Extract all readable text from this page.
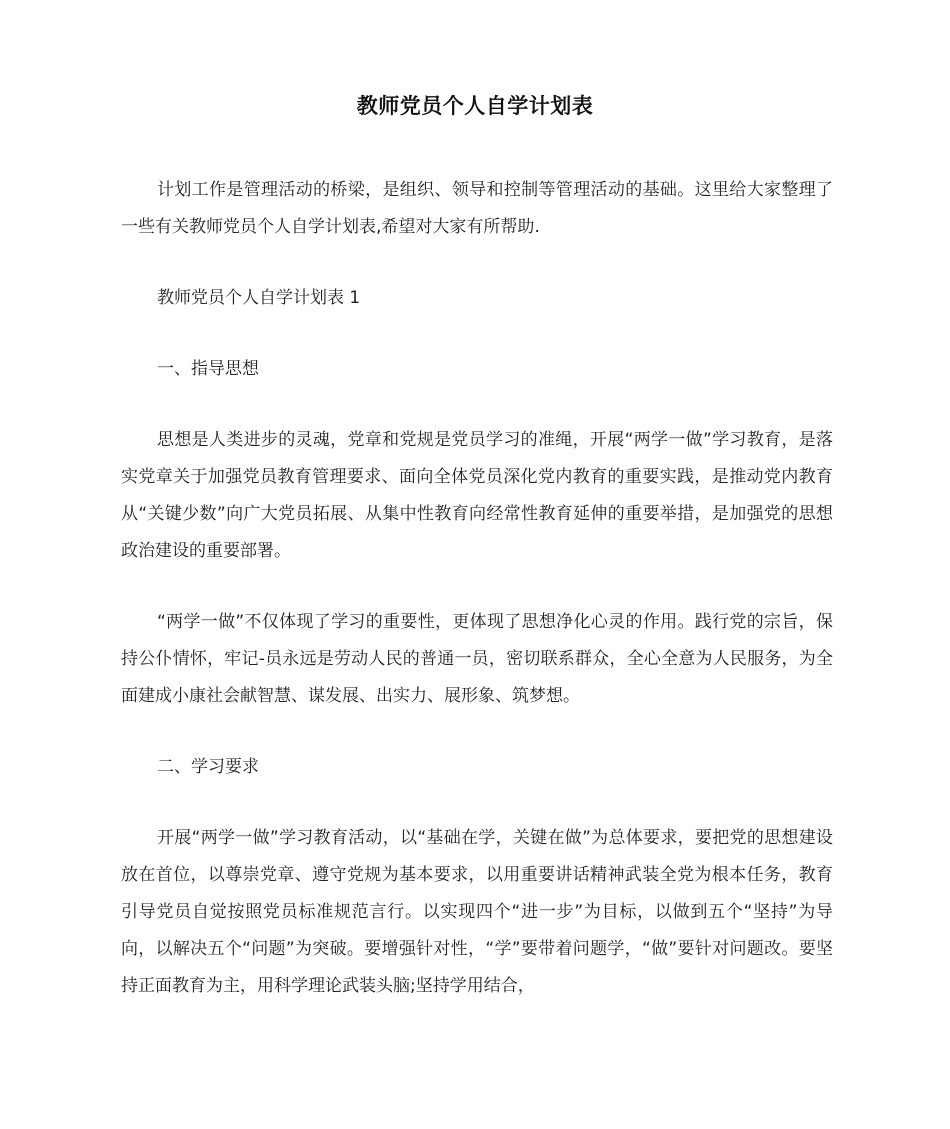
教师党员个人自学计划表

计划工作是管理活动的桥梁，是组织、领导和控制等管理活动的基础。这里给大家整理了一些有关教师党员个人自学计划表,希望对大家有所帮助.

教师党员个人自学计划表 1

一、指导思想

思想是人类进步的灵魂，党章和党规是党员学习的准绳，开展“两学一做”学习教育，是落实党章关于加强党员教育管理要求、面向全体党员深化党内教育的重要实践，是推动党内教育从“关键少数”向广大党员拓展、从集中性教育向经常性教育延伸的重要举措，是加强党的思想政治建设的重要部署。

“两学一做”不仅体现了学习的重要性，更体现了思想净化心灵的作用。践行党的宗旨，保持公仆情怀，牢记-员永远是劳动人民的普通一员，密切联系群众，全心全意为人民服务，为全面建成小康社会献智慧、谋发展、出实力、展形象、筑梦想。

二、学习要求

开展“两学一做”学习教育活动，以“基础在学，关键在做”为总体要求，要把党的思想建设放在首位，以尊崇党章、遵守党规为基本要求，以用重要讲话精神武装全党为根本任务，教育引导党员自觉按照党员标准规范言行。以实现四个“进一步”为目标，以做到五个“坚持”为导向，以解决五个“问题”为突破。要增强针对性，“学”要带着问题学，“做”要针对问题改。要坚持正面教育为主，用科学理论武装头脑;坚持学用结合，
